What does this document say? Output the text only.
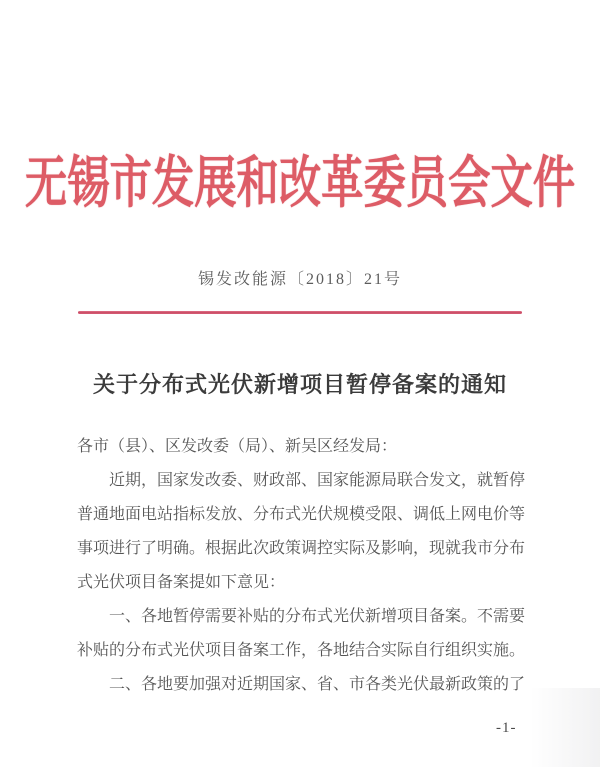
无锡市发展和改革委员会文件
锡发改能源〔2018〕21号
关于分布式光伏新增项目暂停备案的通知
各市（县）、区发改委（局）、新吴区经发局：
近期，国家发改委、财政部、国家能源局联合发文，就暂停
普通地面电站指标发放、分布式光伏规模受限、调低上网电价等
事项进行了明确。根据此次政策调控实际及影响，现就我市分布
式光伏项目备案提如下意见：
一、各地暂停需要补贴的分布式光伏新增项目备案。不需要
补贴的分布式光伏项目备案工作，各地结合实际自行组织实施。
二、各地要加强对近期国家、省、市各类光伏最新政策的了
-1-
